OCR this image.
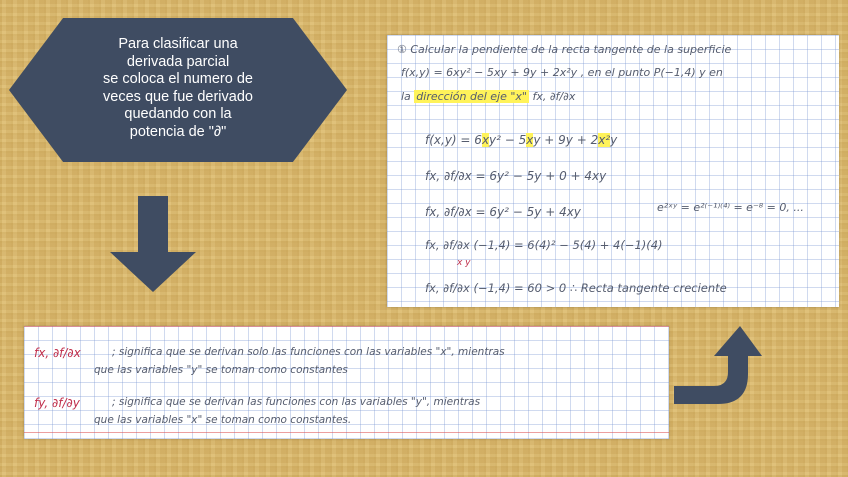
Para clasificar una
derivada parcial
se coloca el numero de
veces que fue derivado
quedando con la
potencia de "∂"
① Calcular la pendiente de la recta tangente de la superficie
f(x,y) = 6xy² − 5xy + 9y + 2x²y , en el punto P(−1,4) y en
la dirección del eje "x" fx, ∂f/∂x
f(x,y) = 6xy² − 5xy + 9y + 2x²y
fx, ∂f/∂x = 6y² − 5y + 0 + 4xy
fx, ∂f/∂x = 6y² − 5y + 4xy	e²ˣʸ = e²⁽⁻¹⁾⁽⁴⁾ = e⁻⁸ = 0, ...
fx, ∂f/∂x (−1,4) = 6(4)² − 5(4) + 4(−1)(4)
x y
fx, ∂f/∂x (−1,4) = 60 > 0 ∴ Recta tangente creciente
fx, ∂f/∂x	; significa que se derivan solo las funciones con las variables "x", mientras
que las variables "y" se toman como constantes
fy, ∂f/∂y	; significa que se derivan las funciones con las variables "y", mientras
que las variables "x" se toman como constantes.
